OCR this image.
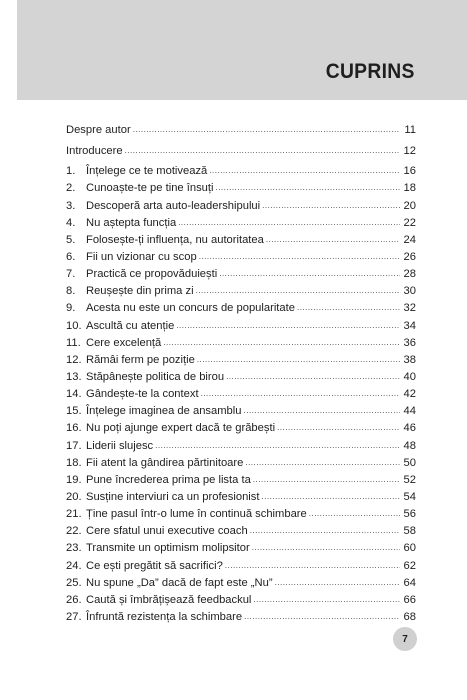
CUPRINS
Despre autor .....	11
Introducere .....	12
1. Înțelege ce te motivează .....	16
2. Cunoaște-te pe tine însuți .....	18
3. Descoperă arta auto-leadershipului .....	20
4. Nu aștepta funcția .....	22
5. Folosește-ți influența, nu autoritatea .....	24
6. Fii un vizionar cu scop .....	26
7. Practică ce propovăduiești .....	28
8. Reușește din prima zi .....	30
9. Acesta nu este un concurs de popularitate .....	32
10. Ascultă cu atenție .....	34
11. Cere excelență .....	36
12. Rămâi ferm pe poziție .....	38
13. Stăpânește politica de birou .....	40
14. Gândește-te la context .....	42
15. Înțelege imaginea de ansamblu .....	44
16. Nu poți ajunge expert dacă te grăbești .....	46
17. Liderii slujesc .....	48
18. Fii atent la gândirea părtinitoare .....	50
19. Pune încrederea prima pe lista ta .....	52
20. Susține interviuri ca un profesionist .....	54
21. Ține pasul într-o lume în continuă schimbare .....	56
22. Cere sfatul unui executive coach .....	58
23. Transmite un optimism molipsitor .....	60
24. Ce ești pregătit să sacrifici? .....	62
25. Nu spune „Da” dacă de fapt este „Nu” .....	64
26. Caută și îmbrățișează feedbackul .....	66
27. Înfruntă rezistența la schimbare .....	68
7
